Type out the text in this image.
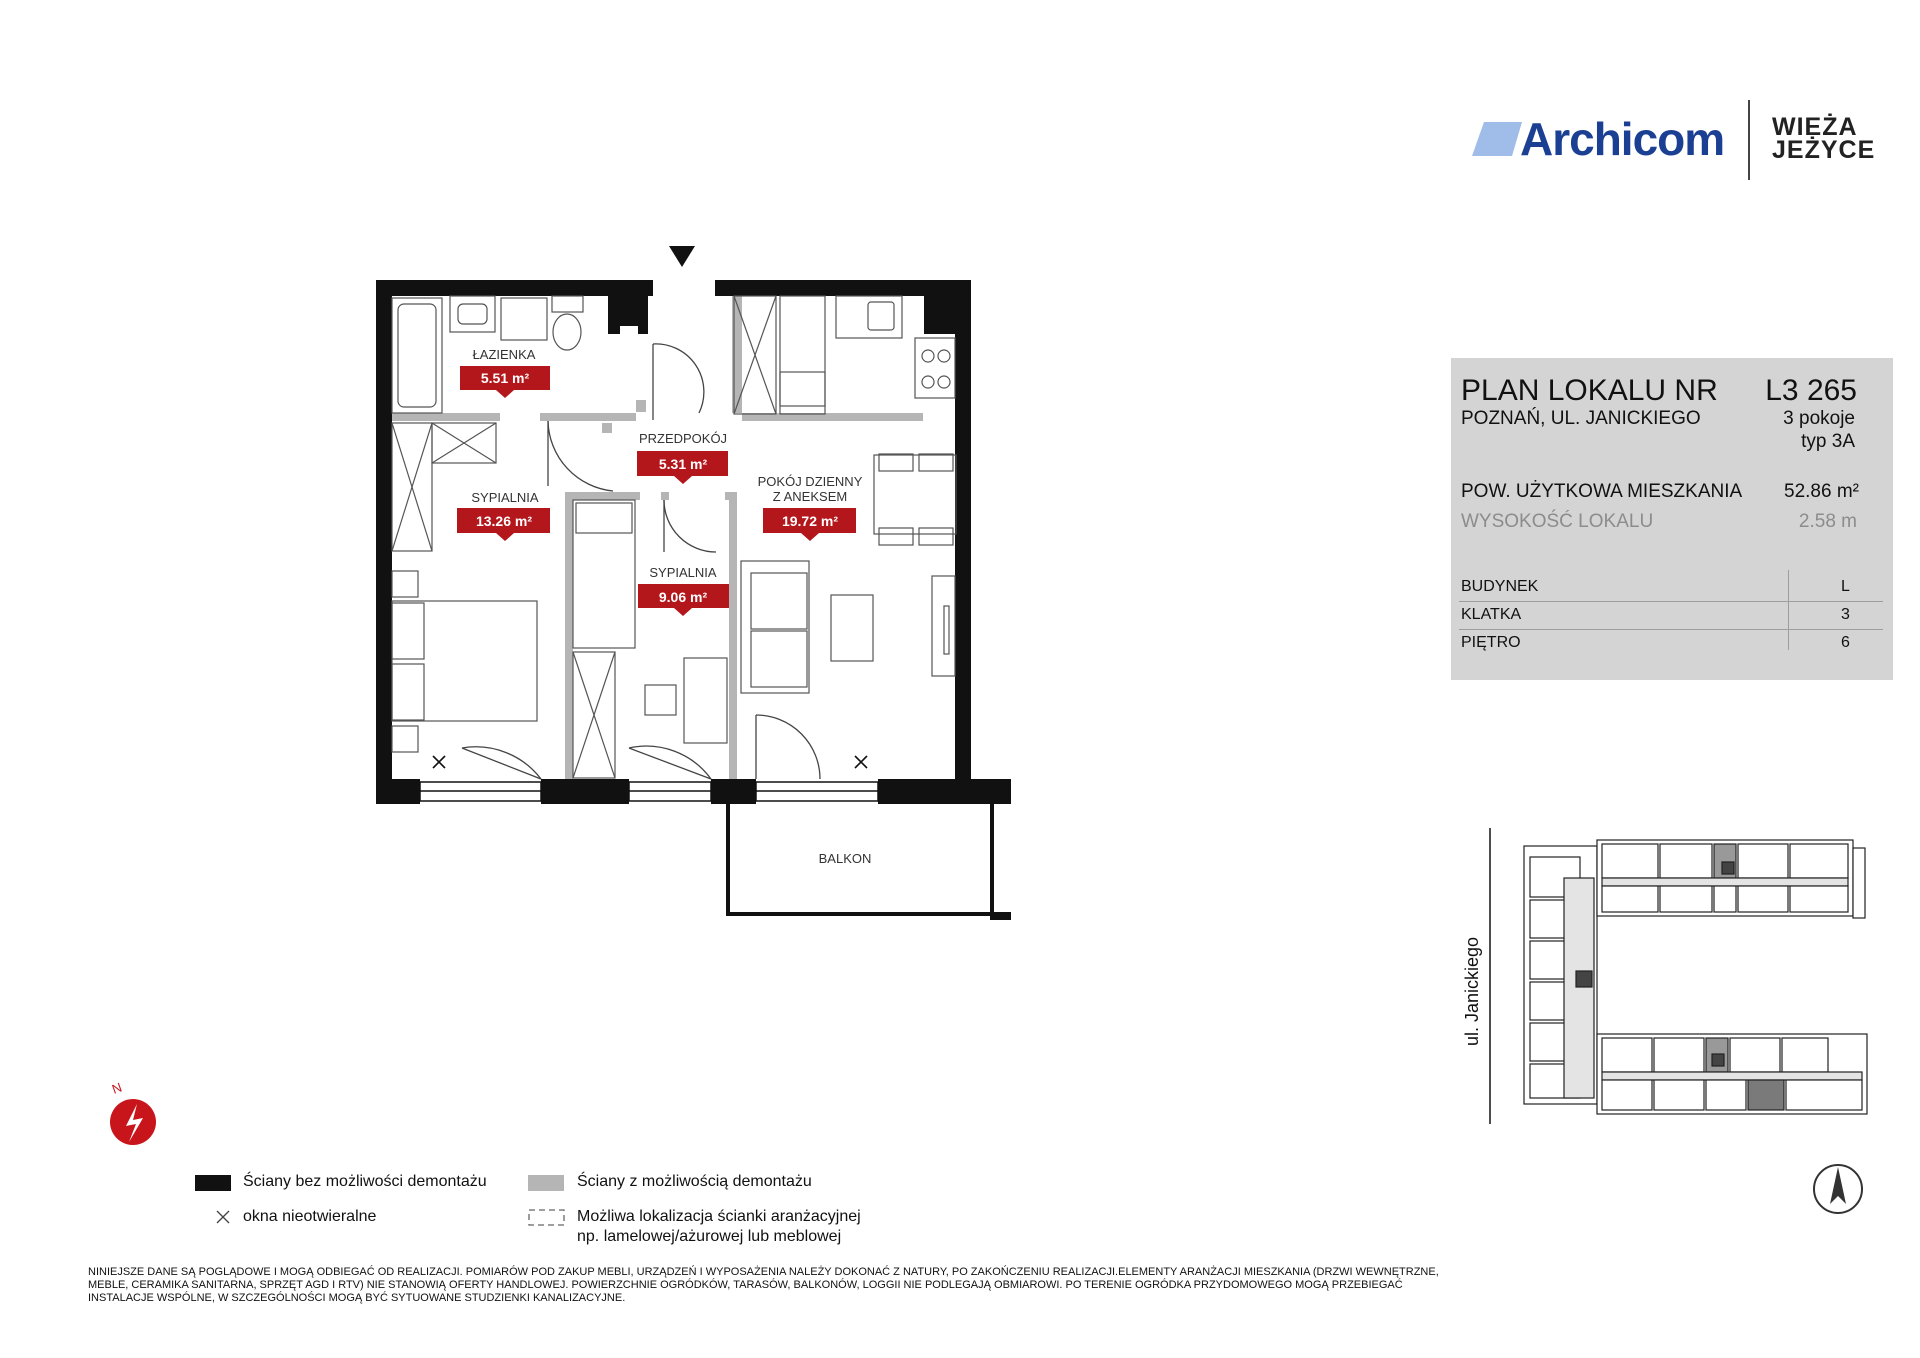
Archicom WIEŻA
JEŻYCE
PLAN LOKALU NR L3 265
POZNAŃ, UL. JANICKIEGO	3 pokoje
typ 3A
POW. UŻYTKOWA MIESZKANIA 52.86 m²
WYSOKOŚĆ LOKALU	2.58 m
BUDYNEK	L
KLATKA	3
PIĘTRO	6
ŁAZIENKA
5.51 m²
PRZEDPOKÓJ
5.31 m²
SYPIALNIA
13.26 m²
SYPIALNIA
9.06 m²
POKÓJ DZIENNY
Z ANEKSEM
19.72 m²
BALKON
ul. Janickiego
N
Ściany bez możliwości demontażu
okna nieotwieralne
Ściany z możliwością demontażu
Możliwa lokalizacja ścianki aranżacyjnej
np. lamelowej/ażurowej lub meblowej
NINIEJSZE DANE SĄ POGLĄDOWE I MOGĄ ODBIEGAĆ OD REALIZACJI. POMIARÓW POD ZAKUP MEBLI, URZĄDZEŃ I WYPOSAŻENIA NALEŻY DOKONAĆ Z NATURY, PO ZAKOŃCZENIU REALIZACJI.ELEMENTY ARANŻACJI MIESZKANIA (DRZWI WEWNĘTRZNE, MEBLE, CERAMIKA SANITARNA, SPRZĘT AGD I RTV) NIE STANOWIĄ OFERTY HANDLOWEJ. POWIERZCHNIE OGRÓDKÓW, TARASÓW, BALKONÓW, LOGGII NIE PODLEGAJĄ OBMIAROWI. PO TERENIE OGRÓDKA PRZYDOMOWEGO MOGĄ PRZEBIEGAĆ INSTALACJE WSPÓLNE, W SZCZEGÓLNOŚCI MOGĄ BYĆ SYTUOWANE STUDZIENKI KANALIZACYJNE.
